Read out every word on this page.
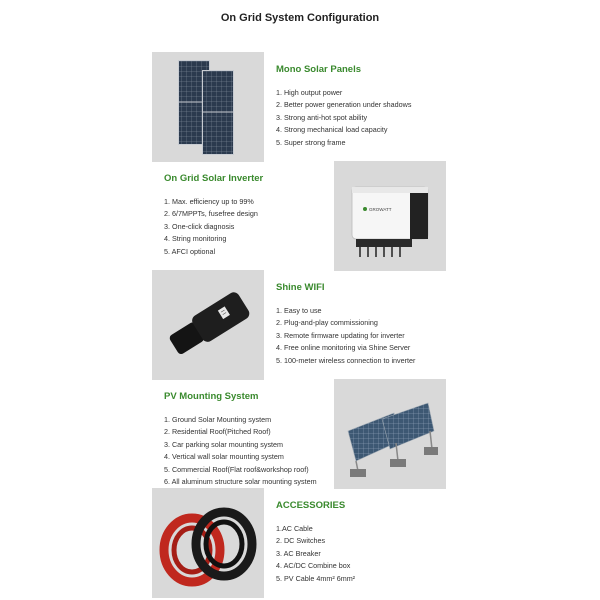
On Grid System Configuration
Mono Solar Panels
1. High output power
2. Better power generation under shadows
3. Strong anti-hot spot ability
4. Strong mechanical load capacity
5. Super strong frame
On Grid Solar Inverter
1. Max. efficiency up to 99%
2. 6/7MPPTs, fusefree design
3. One-click diagnosis
4. String monitoring
5. AFCI optional
GROWATT
Shine WIFI
1. Easy to use
2. Plug-and-play commissioning
3. Remote firmware updating for inverter
4. Free online monitoring via Shine Server
5. 100-meter wireless connection to inverter
PV Mounting System
1. Ground Solar Mounting system
2. Residential Roof(Pitched Roof)
3. Car parking solar mounting system
4. Vertical wall solar mounting system
5. Commercial Roof(Flat roof&workshop roof)
6. All aluminum structure solar mounting system
ACCESSORIES
1.AC Cable
2. DC Switches
3. AC Breaker
4. AC/DC Combine box
5. PV Cable 4mm² 6mm²
